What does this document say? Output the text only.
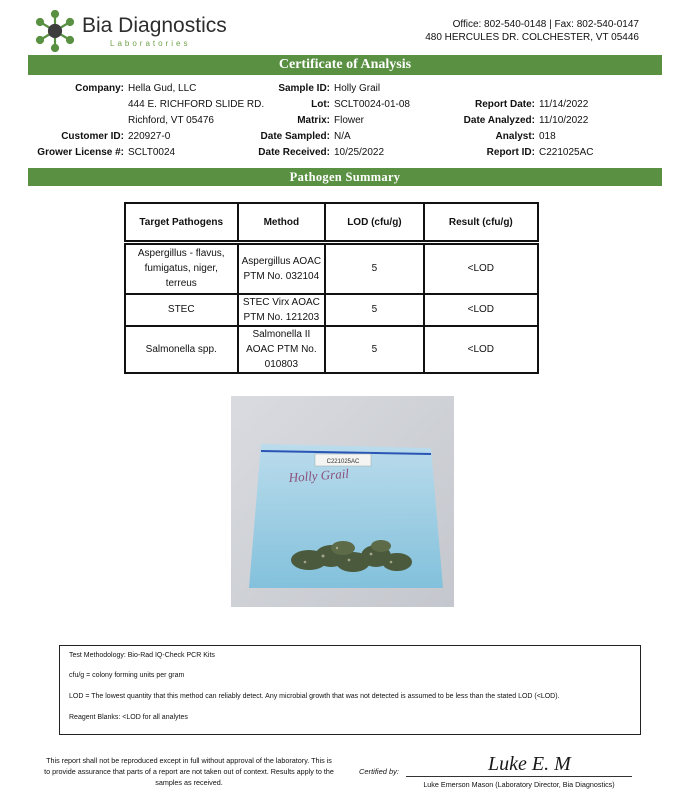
Bia Diagnostics
Laboratories
Office: 802-540-0148 | Fax: 802-540-0147
480 HERCULES DR. COLCHESTER, VT 05446
Certificate of Analysis
Company: Hella Gud, LLC
444 E. RICHFORD SLIDE RD.
Richford, VT 05476
Customer ID: 220927-0
Grower License #: SCLT0024
Sample ID: Holly Grail
Lot: SCLT0024-01-08
Matrix: Flower
Date Sampled: N/A
Date Received: 10/25/2022
Report Date: 11/14/2022
Date Analyzed: 11/10/2022
Analyst: 018
Report ID: C221025AC
Pathogen Summary
Target Pathogens	Method	LOD (cfu/g)	Result (cfu/g)
Aspergillus - flavus, fumigatus, niger, terreus	Aspergillus AOAC PTM No. 032104	5	<LOD
STEC	STEC Virx AOAC PTM No. 121203	5	<LOD
Salmonella spp.	Salmonella II AOAC PTM No. 010803	5	<LOD
C221025AC
Holly Grail
Test Methodology: Bio-Rad IQ-Check PCR Kits
cfu/g = colony forming units per gram
LOD = The lowest quantity that this method can reliably detect. Any microbial growth that was not detected is assumed to be less than the stated LOD (<LOD).
Reagent Blanks: <LOD for all analytes
This report shall not be reproduced except in full without approval of the laboratory. This is to provide assurance that parts of a report are not taken out of context. Results apply to the samples as received.
Certified by:	Luke E. M
Luke Emerson Mason (Laboratory Director, Bia Diagnostics)
